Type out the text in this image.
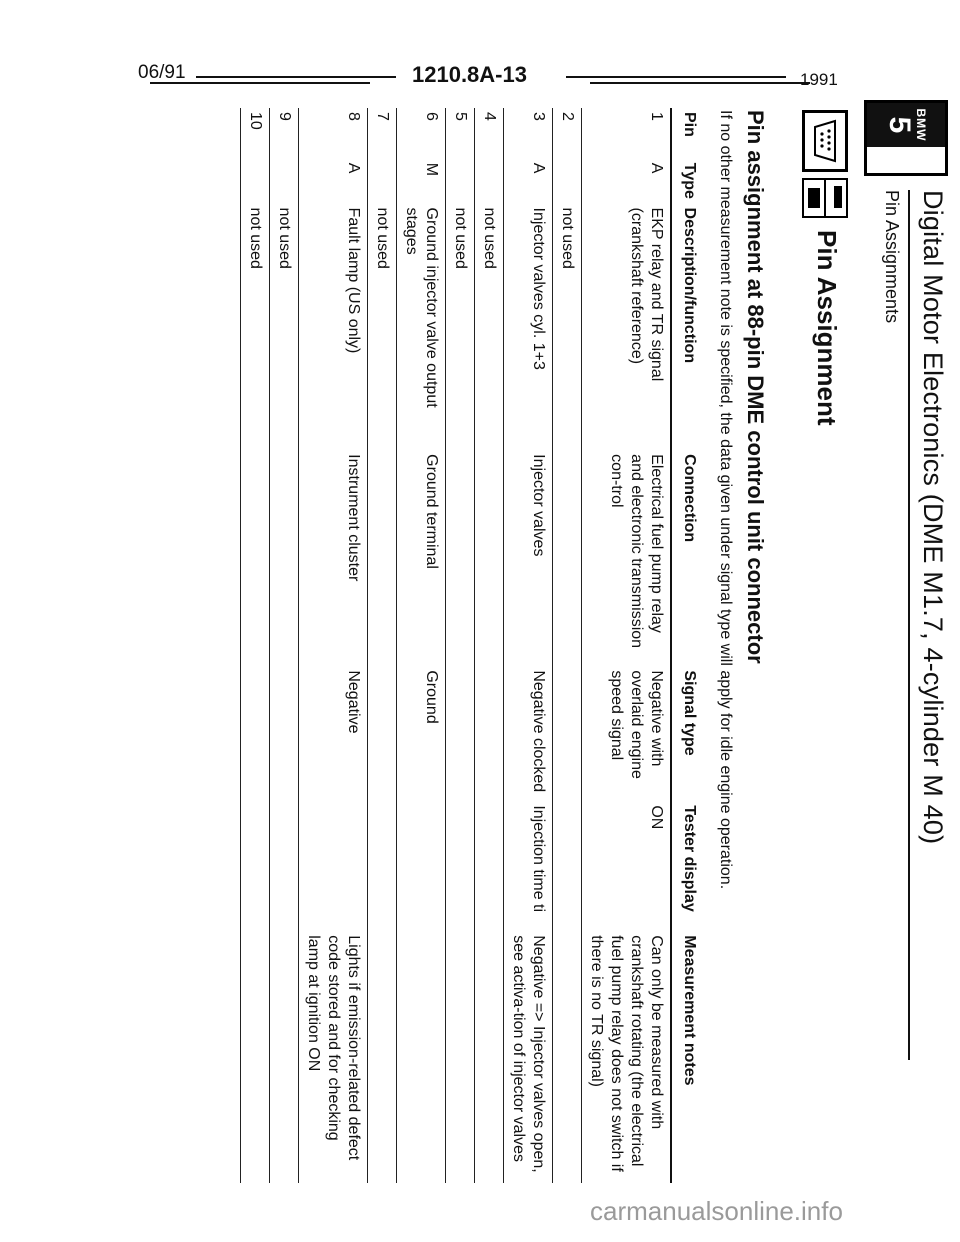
BMW
5
Digital Motor Electronics (DME M1.7, 4-cylinder M 40)
Pin Assignments
Pin Assignment
Pin assignment at 88-pin DME control unit connector
If no other measurement note is specified, the data given under signal type will apply for idle engine operation.
Pin	Type	Description/function	Connection	Signal type	Tester display	Measurement notes
1	A	EKP relay and TR signal (crankshaft reference)	Electrical fuel pump relay and electronic transmission con-trol	Negative with overlaid engine speed signal	ON	Can only be measured with crankshaft rotating (the electrical fuel pump relay does not switch if there is no TR signal)
2		not used				
3	A	Injector valves cyl. 1+3	Injector valves	Negative clocked	Injection time ti	Negative => Injector valves open, see activa-tion of injector valves
4		not used				
5		not used				
6	M	Ground injector valve output stages	Ground terminal	Ground		
7		not used				
8	A	Fault lamp (US only)	Instrument cluster	Negative		Lights if emission-related defect code stored and for checking lamp at ignition ON
9		not used				
10		not used				
06/91	1210.8A-13	1991
carmanualsonline.info
